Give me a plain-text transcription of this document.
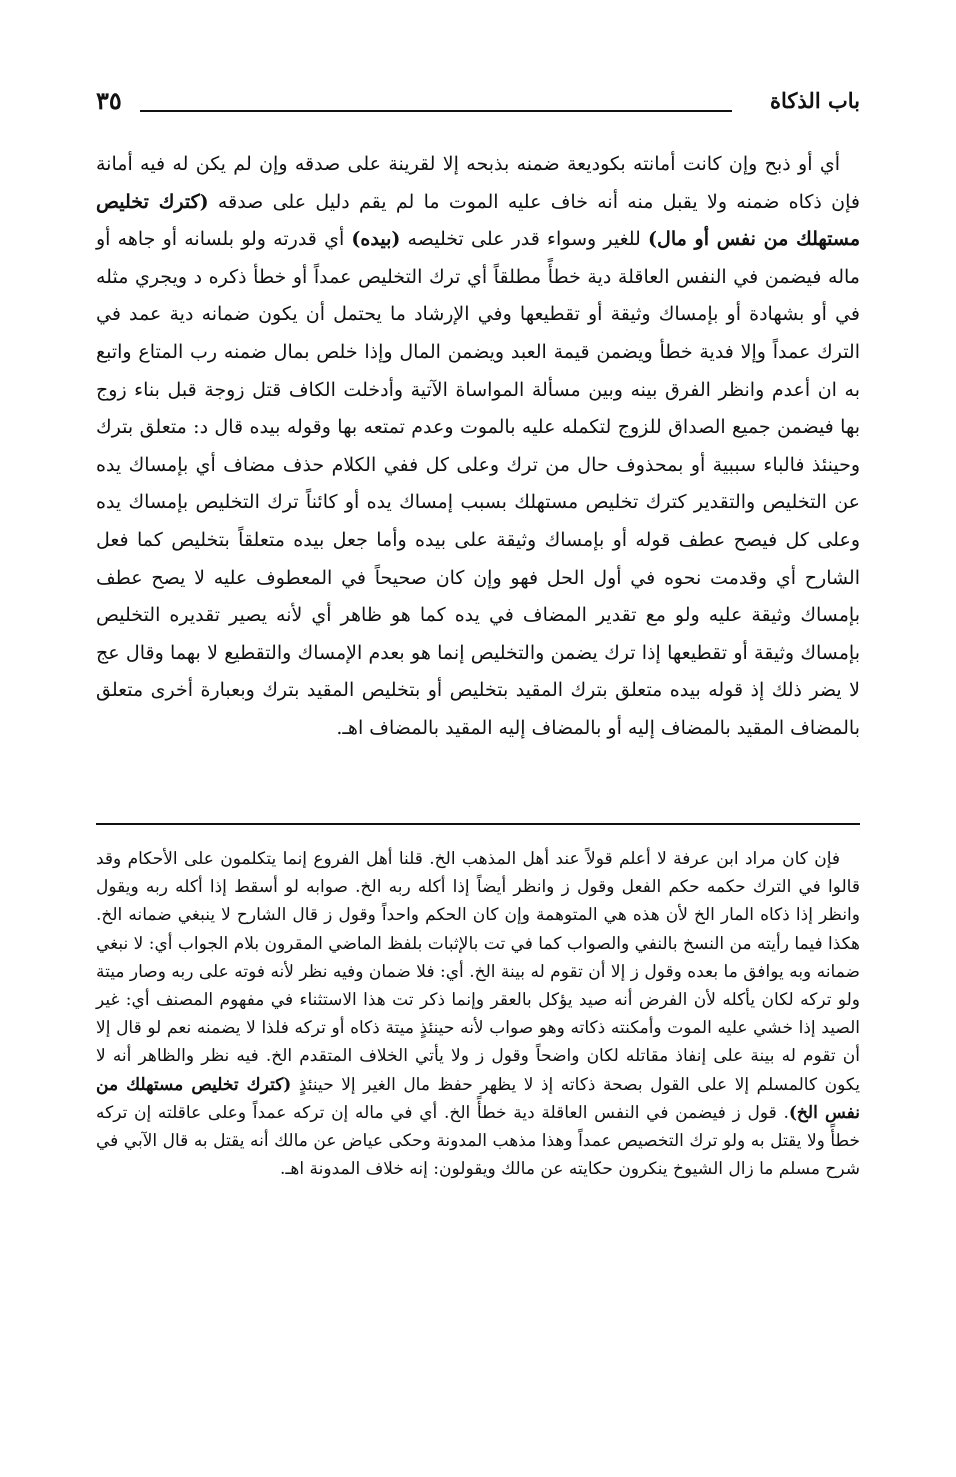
باب الذكاة
٣٥

أي أو ذبح وإن كانت أمانته بكوديعة ضمنه بذبحه إلا لقرينة على صدقه وإن لم يكن له فيه أمانة فإن ذكاه ضمنه ولا يقبل منه أنه خاف عليه الموت ما لم يقم دليل على صدقه (كترك تخليص مستهلك من نفس أو مال) للغير وسواء قدر على تخليصه (بيده) أي قدرته ولو بلسانه أو جاهه أو ماله فيضمن في النفس العاقلة دية خطأً مطلقاً أي ترك التخليص عمداً أو خطأ ذكره د ويجري مثله في أو بشهادة أو بإمساك وثيقة أو تقطيعها وفي الإرشاد ما يحتمل أن يكون ضمانه دية عمد في الترك عمداً وإلا فدية خطأ ويضمن قيمة العبد ويضمن المال وإذا خلص بمال ضمنه رب المتاع واتبع به ان أعدم وانظر الفرق بينه وبين مسألة المواساة الآتية وأدخلت الكاف قتل زوجة قبل بناء زوج بها فيضمن جميع الصداق للزوج لتكمله عليه بالموت وعدم تمتعه بها وقوله بيده قال د: متعلق بترك وحينئذ فالباء سببية أو بمحذوف حال من ترك وعلى كل ففي الكلام حذف مضاف أي بإمساك يده عن التخليص والتقدير كترك تخليص مستهلك بسبب إمساك يده أو كائناً ترك التخليص بإمساك يده وعلى كل فيصح عطف قوله أو بإمساك وثيقة على بيده وأما جعل بيده متعلقاً بتخليص كما فعل الشارح أي وقدمت نحوه في أول الحل فهو وإن كان صحيحاً في المعطوف عليه لا يصح عطف بإمساك وثيقة عليه ولو مع تقدير المضاف في يده كما هو ظاهر أي لأنه يصير تقديره التخليص بإمساك وثيقة أو تقطيعها إذا ترك يضمن والتخليص إنما هو بعدم الإمساك والتقطيع لا بهما وقال عج لا يضر ذلك إذ قوله بيده متعلق بترك المقيد بتخليص أو بتخليص المقيد بترك وبعبارة أخرى متعلق بالمضاف المقيد بالمضاف إليه أو بالمضاف إليه المقيد بالمضاف اهـ.

فإن كان مراد ابن عرفة لا أعلم قولاً عند أهل المذهب الخ. قلنا أهل الفروع إنما يتكلمون على الأحكام وقد قالوا في الترك حكمه حكم الفعل وقول ز وانظر أيضاً إذا أكله ربه الخ. صوابه لو أسقط إذا أكله ربه ويقول وانظر إذا ذكاه المار الخ لأن هذه هي المتوهمة وإن كان الحكم واحداً وقول ز قال الشارح لا ينبغي ضمانه الخ. هكذا فيما رأيته من النسخ بالنفي والصواب كما في تت بالإثبات بلفظ الماضي المقرون بلام الجواب أي: لا نبغي ضمانه وبه يوافق ما بعده وقول ز إلا أن تقوم له بينة الخ. أي: فلا ضمان وفيه نظر لأنه فوته على ربه وصار ميتة ولو تركه لكان يأكله لأن الفرض أنه صيد يؤكل بالعقر وإنما ذكر تت هذا الاستثناء في مفهوم المصنف أي: غير الصيد إذا خشي عليه الموت وأمكنته ذكاته وهو صواب لأنه حينئذٍ ميتة ذكاه أو تركه فلذا لا يضمنه نعم لو قال إلا أن تقوم له بينة على إنفاذ مقاتله لكان واضحاً وقول ز ولا يأتي الخلاف المتقدم الخ. فيه نظر والظاهر أنه لا يكون كالمسلم إلا على القول بصحة ذكاته إذ لا يظهر حفظ مال الغير إلا حينئذٍ (كترك تخليص مستهلك من نفس الخ). قول ز فيضمن في النفس العاقلة دية خطأً الخ. أي في ماله إن تركه عمداً وعلى عاقلته إن تركه خطأً ولا يقتل به ولو ترك التخصيص عمداً وهذا مذهب المدونة وحكى عياض عن مالك أنه يقتل به قال الآبي في شرح مسلم ما زال الشيوخ ينكرون حكايته عن مالك ويقولون: إنه خلاف المدونة اهـ.
